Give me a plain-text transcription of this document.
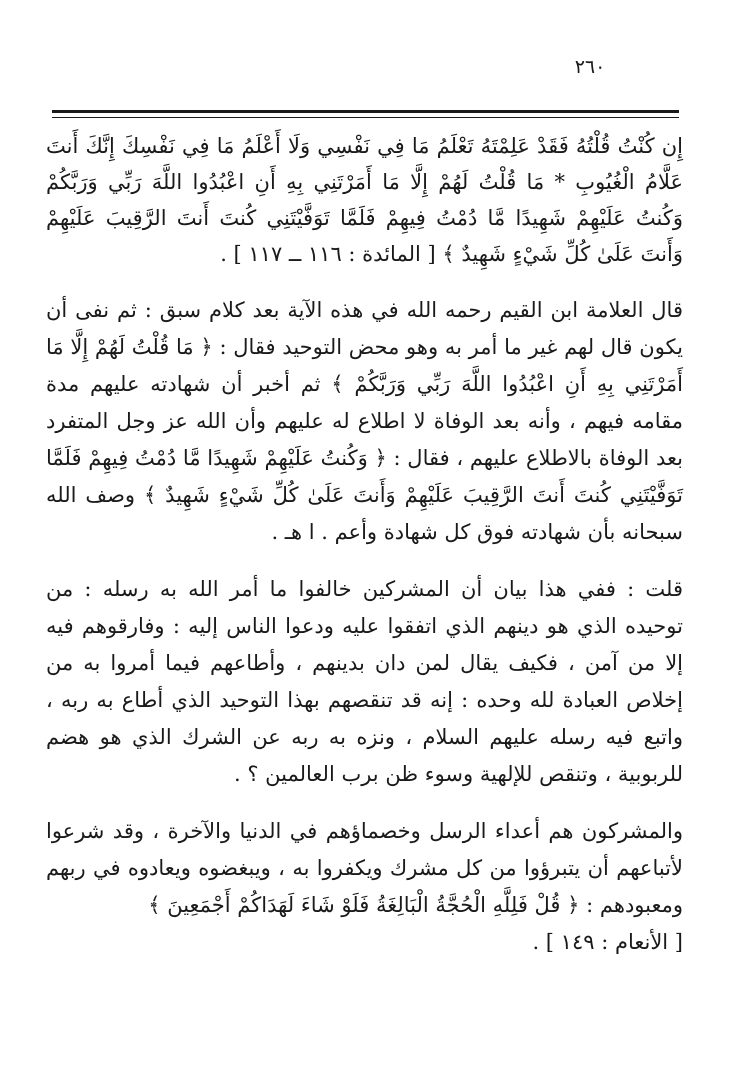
٢٦٠

إِن كُنْتُ قُلْتُهُ فَقَدْ عَلِمْتَهُ تَعْلَمُ مَا فِي نَفْسِي وَلَا أَعْلَمُ مَا فِي نَفْسِكَ إِنَّكَ أَنتَ عَلَّامُ الْغُيُوبِ * مَا قُلْتُ لَهُمْ إِلَّا مَا أَمَرْتَنِي بِهِ أَنِ اعْبُدُوا اللَّهَ رَبِّي وَرَبَّكُمْ وَكُنتُ عَلَيْهِمْ شَهِيدًا مَّا دُمْتُ فِيهِمْ فَلَمَّا تَوَفَّيْتَنِي كُنتَ أَنتَ الرَّقِيبَ عَلَيْهِمْ وَأَنتَ عَلَىٰ كُلِّ شَيْءٍ شَهِيدٌ ﴾ [ المائدة : ١١٦ ــ ١١٧ ] .

قال العلامة ابن القيم رحمه الله في هذه الآية بعد كلام سبق : ثم نفى أن يكون قال لهم غير ما أمر به وهو محض التوحيد فقال : ﴿ مَا قُلْتُ لَهُمْ إِلَّا مَا أَمَرْتَنِي بِهِ أَنِ اعْبُدُوا اللَّهَ رَبِّي وَرَبَّكُمْ ﴾ ثم أخبر أن شهادته عليهم مدة مقامه فيهم ، وأنه بعد الوفاة لا اطلاع له عليهم وأن الله عز وجل المتفرد بعد الوفاة بالاطلاع عليهم ، فقال : ﴿ وَكُنتُ عَلَيْهِمْ شَهِيدًا مَّا دُمْتُ فِيهِمْ فَلَمَّا تَوَفَّيْتَنِي كُنتَ أَنتَ الرَّقِيبَ عَلَيْهِمْ وَأَنتَ عَلَىٰ كُلِّ شَيْءٍ شَهِيدٌ ﴾ وصف الله سبحانه بأن شهادته فوق كل شهادة وأعم . ا هـ .

قلت : ففي هذا بيان أن المشركين خالفوا ما أمر الله به رسله : من توحيده الذي هو دينهم الذي اتفقوا عليه ودعوا الناس إليه : وفارقوهم فيه إلا من آمن ، فكيف يقال لمن دان بدينهم ، وأطاعهم فيما أمروا به من إخلاص العبادة لله وحده : إنه قد تنقصهم بهذا التوحيد الذي أطاع به ربه ، واتبع فيه رسله عليهم السلام ، ونزه به ربه عن الشرك الذي هو هضم للربوبية ، وتنقص للإلهية وسوء ظن برب العالمين ؟ .

والمشركون هم أعداء الرسل وخصماؤهم في الدنيا والآخرة ، وقد شرعوا لأتباعهم أن يتبرؤوا من كل مشرك ويكفروا به ، ويبغضوه ويعادوه في ربهم ومعبودهم : ﴿ قُلْ فَلِلَّهِ الْحُجَّةُ الْبَالِغَةُ فَلَوْ شَاءَ لَهَدَاكُمْ أَجْمَعِينَ ﴾
[ الأنعام : ١٤٩ ] .
